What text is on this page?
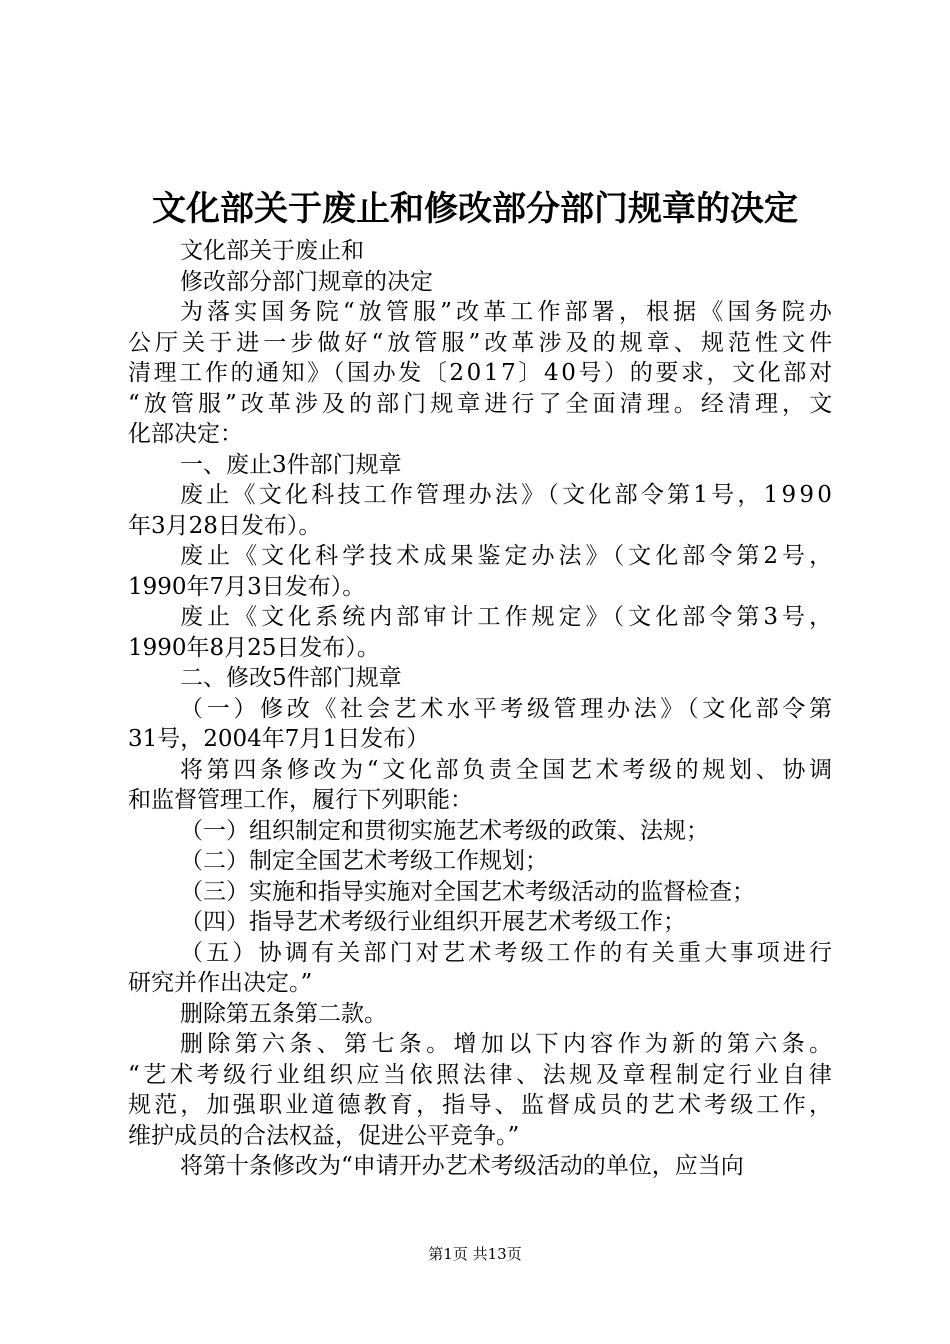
文化部关于废止和修改部分部门规章的决定
文化部关于废止和
修改部分部门规章的决定
为落实国务院“放管服”改革工作部署，根据《国务院办
公厅关于进一步做好“放管服”改革涉及的规章、规范性文件
清理工作的通知》（国办发〔2017〕40号）的要求，文化部对
“放管服”改革涉及的部门规章进行了全面清理。经清理，文
化部决定：
一、废止3件部门规章
废止《文化科技工作管理办法》（文化部令第1号，1990
年3月28日发布）。
废止《文化科学技术成果鉴定办法》（文化部令第2号，
1990年7月3日发布）。
废止《文化系统内部审计工作规定》（文化部令第3号，
1990年8月25日发布）。
二、修改5件部门规章
（一）修改《社会艺术水平考级管理办法》（文化部令第
31号，2004年7月1日发布）
将第四条修改为“文化部负责全国艺术考级的规划、协调
和监督管理工作，履行下列职能：
（一）组织制定和贯彻实施艺术考级的政策、法规；
（二）制定全国艺术考级工作规划；
（三）实施和指导实施对全国艺术考级活动的监督检查；
（四）指导艺术考级行业组织开展艺术考级工作；
（五）协调有关部门对艺术考级工作的有关重大事项进行
研究并作出决定。”
删除第五条第二款。
删除第六条、第七条。增加以下内容作为新的第六条。
“艺术考级行业组织应当依照法律、法规及章程制定行业自律
规范，加强职业道德教育，指导、监督成员的艺术考级工作，
维护成员的合法权益，促进公平竞争。”
将第十条修改为“申请开办艺术考级活动的单位，应当向
第1页 共13页
